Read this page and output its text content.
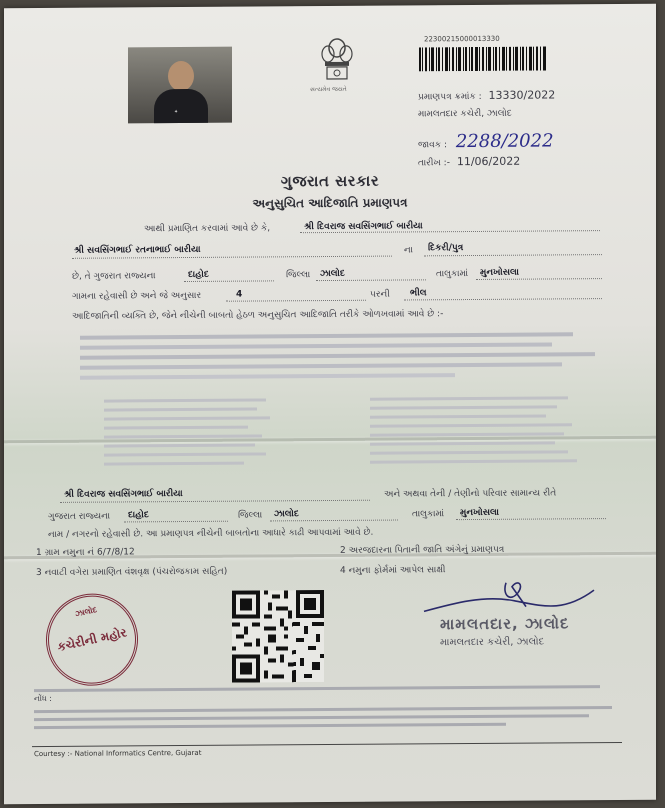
✦
સત્યમેવ જયતે
22300215000013330
પ્રમાણપત્ર ક્રમાંક : 13330/2022
મામલતદાર કચેરી, ઝાલોદ
જાવક : 2288/2022
તારીખ :- 11/06/2022
ગુજરાત સરકાર
અનુસુચિત આદિજાતિ પ્રમાણપત્ર
આથી પ્રમાણિત કરવામાં આવે છે કે,	શ્રી દિવરાજ સવસિંગભાઈ બારીયા
શ્રી સવસિંગભાઈ રતનાભાઈ બારીયા	ના દિકરી/પુત્ર
છે, તે ગુજરાત રાજ્યના	દાહોદ	જિલ્લા ઝાલોદ	તાલુકામાં મુનખોસલા
ગામના રહેવાસી છે અને જે અનુસાર	4	પરની ભીલ
આદિજાતિની વ્યક્તિ છે, જેને નીચેની બાબતો હેઠળ અનુસુચિત આદિજાતિ તરીકે ઓળખવામાં આવે છે :-
શ્રી દિવરાજ સવસિંગભાઈ બારીયા	અને અથવા તેની / તેણીનો પરિવાર સામાન્ય રીતે
ગુજરાત રાજ્યના દાહોદ	જિલ્લા ઝાલોદ	તાલુકામાં મુનખોસલા
નામ / નગરનો રહેવાસી છે. આ પ્રમાણપત્ર નીચેની બાબતોના આધારે કાઢી આપવામાં આવે છે.
1 ગ્રામ નમુના નં 6/7/8/12	2 અરજદારના પિતાની જાતિ અંગેનું પ્રમાણપત્ર
3 નવાટી વગેરા પ્રમાણિત વંશવૃક્ષ (પંચરોજકામ સહિત)	4 નમુના ફોર્મમાં આપેલ સાક્ષી
ઝાલોદ
કચેરીની મહોર
મામલતદાર, ઝાલોદ
મામલતદાર કચેરી, ઝાલોદ
નોંધ :
Courtesy :- National Informatics Centre, Gujarat
